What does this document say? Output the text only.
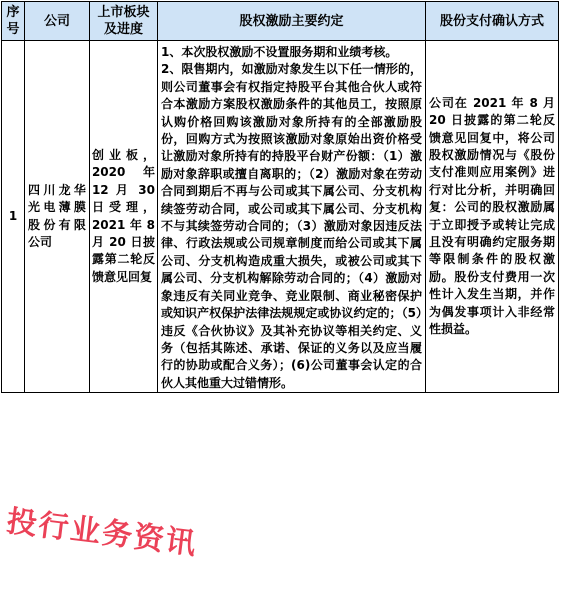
序号	公司	上市板块及进度	股权激励主要约定	股份支付确认方式
1	四川龙华光电薄膜股份有限公司	创业板，2020 年 12 月 30 日受理，2021 年 8 月 20 日披露第二轮反馈意见回复	1、本次股权激励不设置服务期和业绩考核。
2、限售期内，如激励对象发生以下任一情形的，则公司董事会有权指定持股平台其他合伙人或符合本激励方案股权激励条件的其他员工，按照原认购价格回购该激励对象所持有的全部激励股份，回购方式为按照该激励对象原始出资价格受让激励对象所持有的持股平台财产份额：（1）激励对象辞职或擅自离职的；（2）激励对象在劳动合同到期后不再与公司或其下属公司、分支机构续签劳动合同，或公司或其下属公司、分支机构不与其续签劳动合同的；（3）激励对象因违反法律、行政法规或公司规章制度而给公司或其下属公司、分支机构造成重大损失，或被公司或其下属公司、分支机构解除劳动合同的；（4）激励对象违反有关同业竞争、竞业限制、商业秘密保护或知识产权保护法律法规规定或协议约定的；（5）违反《合伙协议》及其补充协议等相关约定、义务（包括其陈述、承诺、保证的义务以及应当履行的协助或配合义务）；(6)公司董事会认定的合伙人其他重大过错情形。	公司在 2021 年 8 月 20 日披露的第二轮反馈意见回复中，将公司股权激励情况与《股份支付准则应用案例》进行对比分析，并明确回复：公司的股权激励属于立即授予或转让完成且没有明确约定服务期等限制条件的股权激励。股份支付费用一次性计入发生当期，并作为偶发事项计入非经常性损益。
投行业务资讯
